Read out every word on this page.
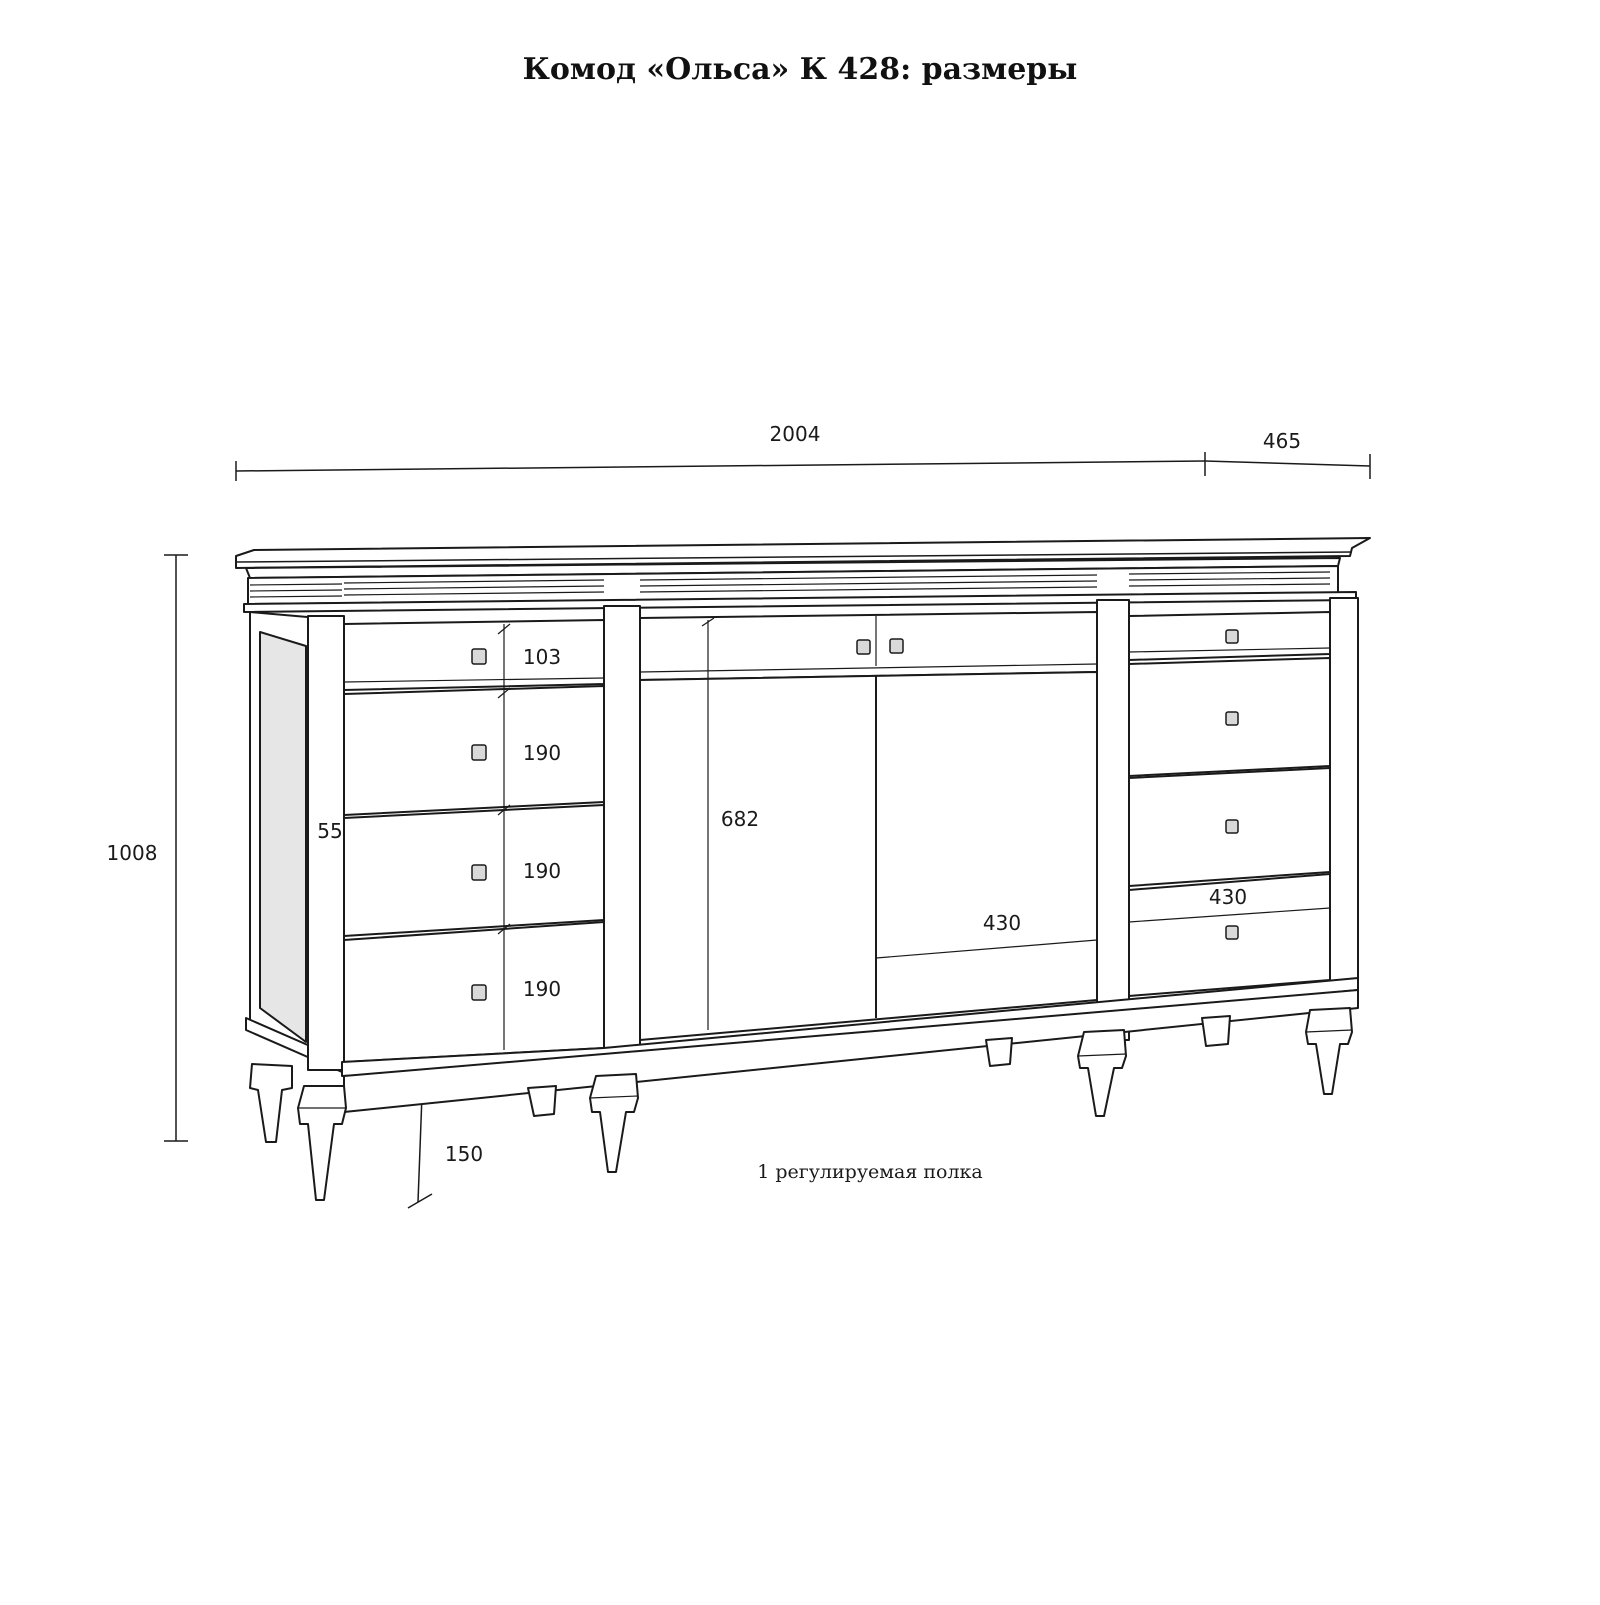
Комод «Ольса» К 428: размеры
2004	465
1008
150
55
103
190
190
190
682
430
430
1 регулируемая полка
